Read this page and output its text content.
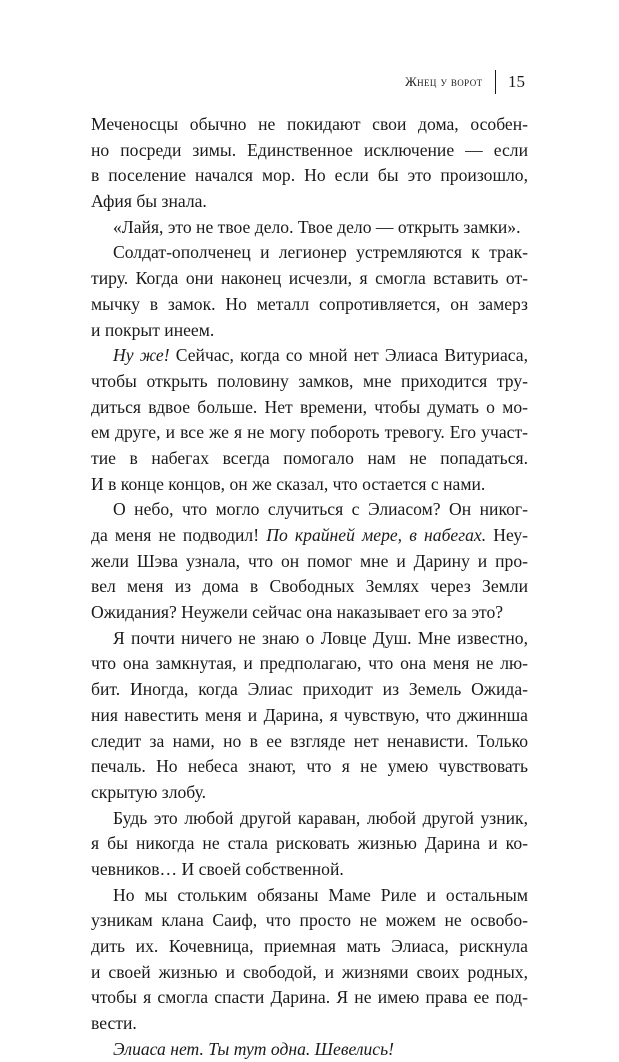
Жнец у ворот 15
Меченосцы обычно не покидают свои дома, особен-
но посреди зимы. Единственное исключение — если
в поселение начался мор. Но если бы это произошло,
Афия бы знала.
«Лайя, это не твое дело. Твое дело — открыть замки».
Солдат-ополченец и легионер устремляются к трак-
тиру. Когда они наконец исчезли, я смогла вставить от-
мычку в замок. Но металл сопротивляется, он замерз
и покрыт инеем.
Ну же! Сейчас, когда со мной нет Элиаса Витуриаса,
чтобы открыть половину замков, мне приходится тру-
диться вдвое больше. Нет времени, чтобы думать о мо-
ем друге, и все же я не могу побороть тревогу. Его участ-
тие в набегах всегда помогало нам не попадаться.
И в конце концов, он же сказал, что остается с нами.
О небо, что могло случиться с Элиасом? Он никог-
да меня не подводил! По крайней мере, в набегах. Неу-
жели Шэва узнала, что он помог мне и Дарину и про-
вел меня из дома в Свободных Землях через Земли
Ожидания? Неужели сейчас она наказывает его за это?
Я почти ничего не знаю о Ловце Душ. Мне известно,
что она замкнутая, и предполагаю, что она меня не лю-
бит. Иногда, когда Элиас приходит из Земель Ожида-
ния навестить меня и Дарина, я чувствую, что джиннша
следит за нами, но в ее взгляде нет ненависти. Только
печаль. Но небеса знают, что я не умею чувствовать
скрытую злобу.
Будь это любой другой караван, любой другой узник,
я бы никогда не стала рисковать жизнью Дарина и ко-
чевников… И своей собственной.
Но мы стольким обязаны Маме Риле и остальным
узникам клана Саиф, что просто не можем не освобо-
дить их. Кочевница, приемная мать Элиаса, рискнула
и своей жизнью и свободой, и жизнями своих родных,
чтобы я смогла спасти Дарина. Я не имею права ее под-
вести.
Элиаса нет. Ты тут одна. Шевелись!
